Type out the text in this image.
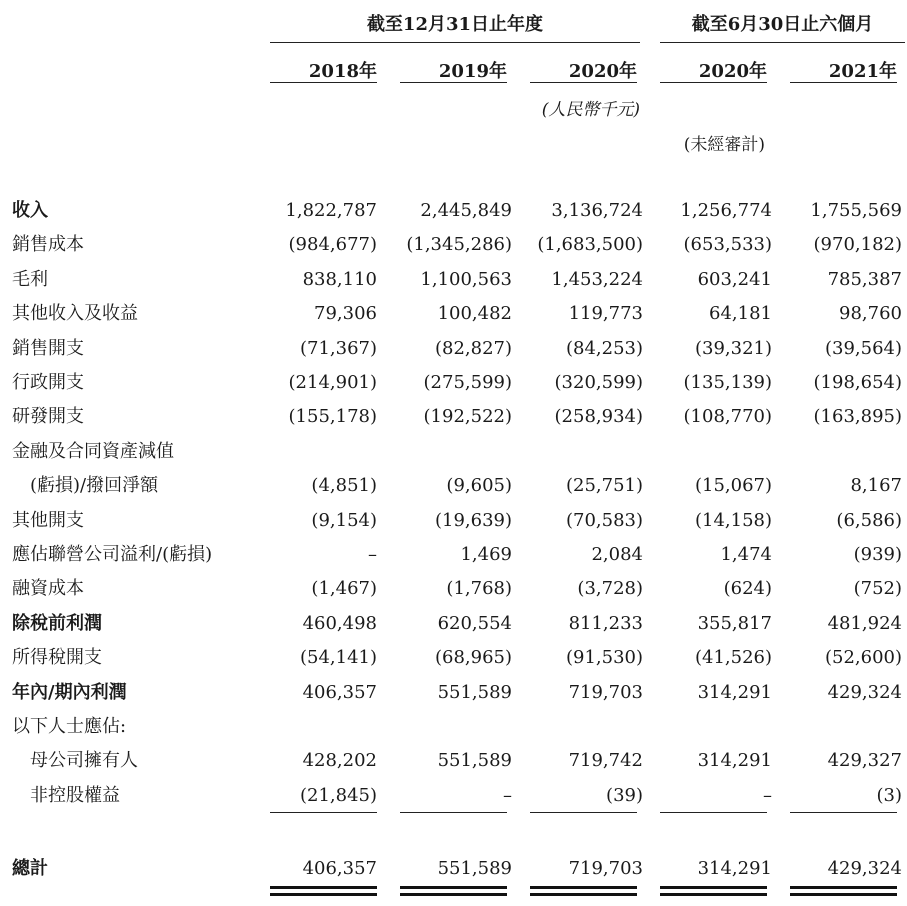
截至12月31日止年度	截至6月30日止六個月
2018年	2019年	2020年	2020年	2021年
(人民幣千元)
(未經審計)
收入	1,822,787	2,445,849	3,136,724	1,256,774	1,755,569
銷售成本	(984,677)	(1,345,286)	(1,683,500)	(653,533)	(970,182)
毛利	838,110	1,100,563	1,453,224	603,241	785,387
其他收入及收益	79,306	100,482	119,773	64,181	98,760
銷售開支	(71,367)	(82,827)	(84,253)	(39,321)	(39,564)
行政開支	(214,901)	(275,599)	(320,599)	(135,139)	(198,654)
研發開支	(155,178)	(192,522)	(258,934)	(108,770)	(163,895)
金融及合同資產減值
(虧損)/撥回淨額	(4,851)	(9,605)	(25,751)	(15,067)	8,167
其他開支	(9,154)	(19,639)	(70,583)	(14,158)	(6,586)
應佔聯營公司溢利/(虧損)	–	1,469	2,084	1,474	(939)
融資成本	(1,467)	(1,768)	(3,728)	(624)	(752)
除稅前利潤	460,498	620,554	811,233	355,817	481,924
所得稅開支	(54,141)	(68,965)	(91,530)	(41,526)	(52,600)
年內/期內利潤	406,357	551,589	719,703	314,291	429,324
以下人士應佔:
母公司擁有人	428,202	551,589	719,742	314,291	429,327
非控股權益	(21,845)	–	(39)	–	(3)
總計	406,357	551,589	719,703	314,291	429,324
